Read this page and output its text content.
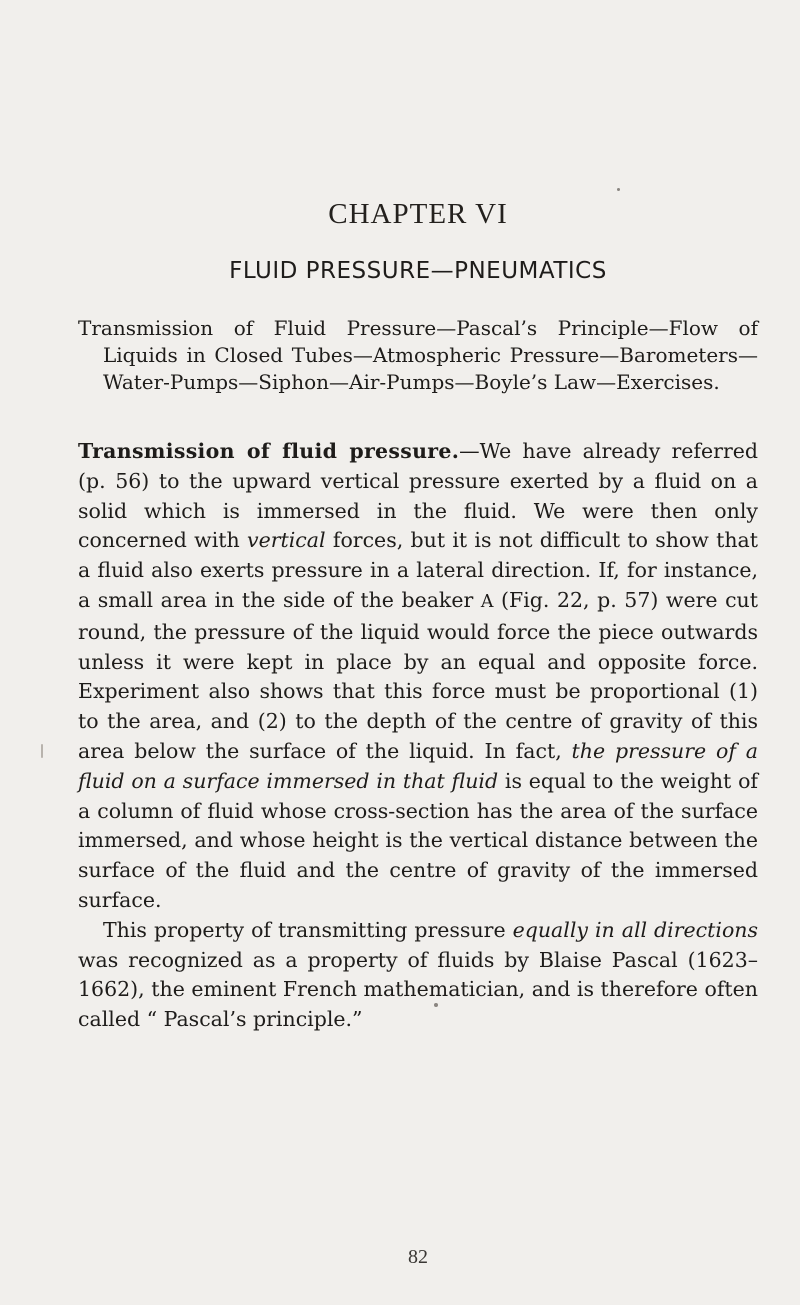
CHAPTER VI
FLUID PRESSURE—PNEUMATICS
Transmission of Fluid Pressure—Pascal’s Principle—Flow of Liquids in Closed Tubes—Atmospheric Pressure—Barometers—Water-Pumps—Siphon—Air-Pumps—Boyle’s Law—Exercises.

Transmission of fluid pressure.—We have already referred (p. 56) to the upward vertical pressure exerted by a fluid on a solid which is immersed in the fluid. We were then only concerned with vertical forces, but it is not difficult to show that a fluid also exerts pressure in a lateral direction. If, for instance, a small area in the side of the beaker A (Fig. 22, p. 57) were cut round, the pressure of the liquid would force the piece outwards unless it were kept in place by an equal and opposite force. Experiment also shows that this force must be proportional (1) to the area, and (2) to the depth of the centre of gravity of this area below the surface of the liquid. In fact, the pressure of a fluid on a surface immersed in that fluid is equal to the weight of a column of fluid whose cross-section has the area of the surface immersed, and whose height is the vertical distance between the surface of the fluid and the centre of gravity of the immersed surface.

This property of transmitting pressure equally in all directions was recognized as a property of fluids by Blaise Pascal (1623–1662), the eminent French mathematician, and is therefore often called “ Pascal’s principle.”

82
